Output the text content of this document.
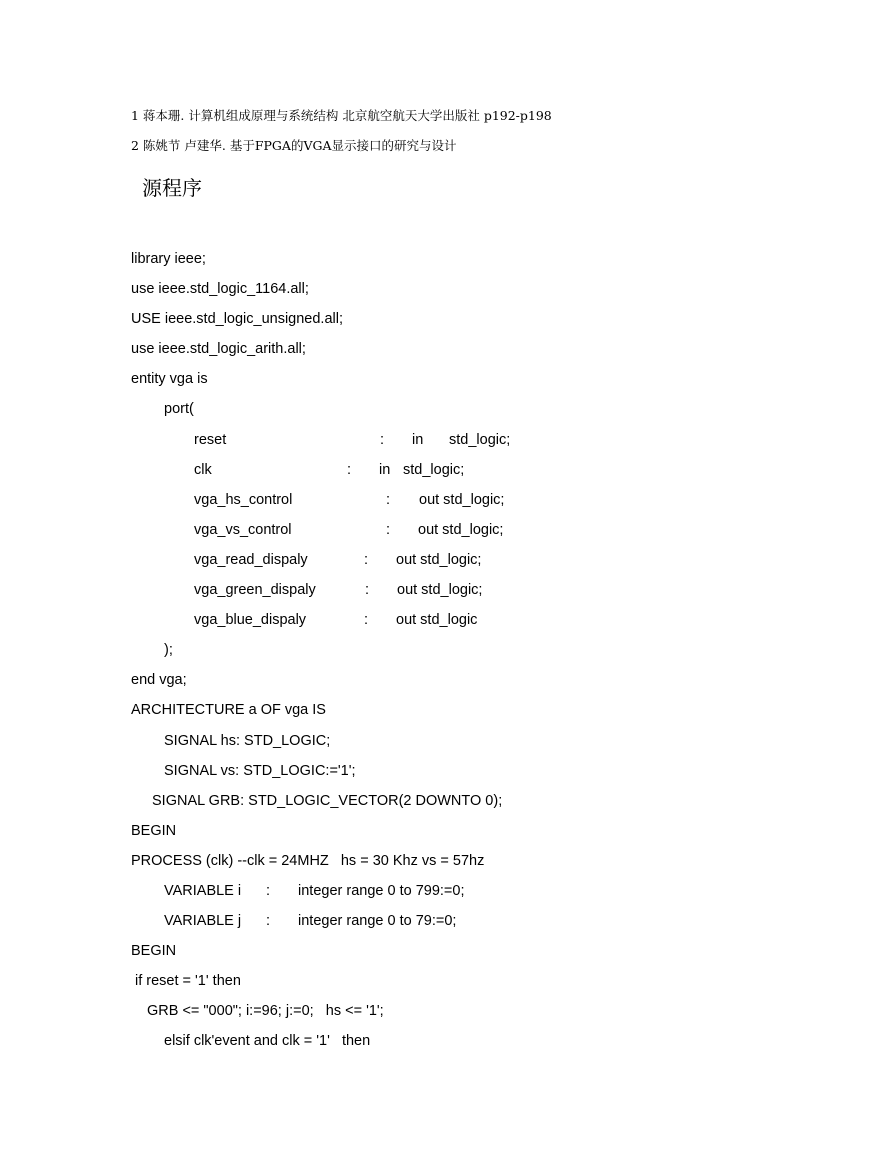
1 蒋本珊. 计算机组成原理与系统结构 北京航空航天大学出版社 p192-p198
2 陈姚节 卢建华. 基于FPGA的VGA显示接口的研究与设计
源程序
library ieee;
use ieee.std_logic_1164.all;
USE ieee.std_logic_unsigned.all;
use ieee.std_logic_arith.all;
entity vga is
port(
reset	: in std_logic;
clk	: in std_logic;
vga_hs_control	: out std_logic;
vga_vs_control	: out std_logic;
vga_read_dispaly	: out std_logic;
vga_green_dispaly	: out std_logic;
vga_blue_dispaly	: out std_logic
);
end vga;
ARCHITECTURE a OF vga IS
SIGNAL hs: STD_LOGIC;
SIGNAL vs: STD_LOGIC:='1';
SIGNAL GRB: STD_LOGIC_VECTOR(2 DOWNTO 0);
BEGIN
PROCESS (clk) --clk = 24MHZ   hs = 30 Khz vs = 57hz
VARIABLE i : integer range 0 to 799:=0;
VARIABLE j : integer range 0 to 79:=0;
BEGIN
if reset = '1' then
GRB <= "000"; i:=96; j:=0;   hs <= '1';
elsif clk'event and clk = '1'   then
